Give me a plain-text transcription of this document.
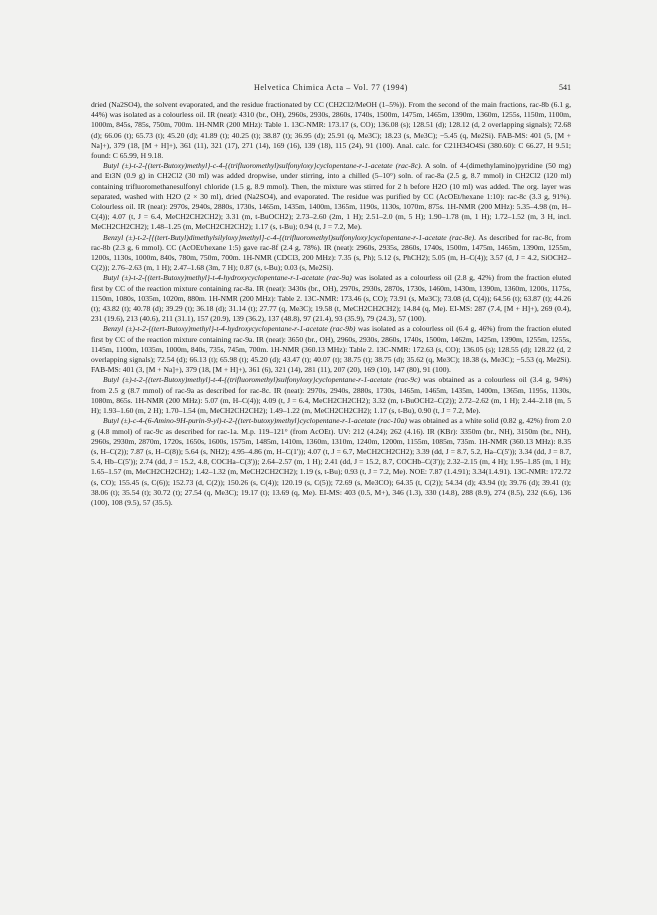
Helvetica Chimica Acta – Vol. 77 (1994)	541

dried (Na2SO4), the solvent evaporated, and the residue fractionated by CC (CH2Cl2/MeOH (1–5%)). From the second of the main fractions, rac-8b (6.1 g, 44%) was isolated as a colourless oil. IR (neat): 4310 (br., OH), 2960s, 2930s, 2860s, 1740s, 1500m, 1475m, 1465m, 1390m, 1360m, 1255s, 1150m, 1100m, 1000m, 845s, 785s, 750m, 700m. 1H-NMR (200 MHz): Table 1. 13C-NMR: 173.17 (s, CO); 136.08 (s); 128.51 (d); 128.12 (d, 2 overlapping signals); 72.68 (d); 66.06 (t); 65.73 (t); 45.20 (d); 41.89 (t); 40.25 (t); 38.87 (t); 36.95 (d); 25.91 (q, Me3C); 18.23 (s, Me3C); −5.45 (q, Me2Si). FAB-MS: 401 (5, [M + Na]+), 379 (18, [M + H]+), 361 (11), 321 (17), 271 (14), 169 (16), 139 (18), 115 (24), 91 (100). Anal. calc. for C21H34O4Si (380.60): C 66.27, H 9.51; found: C 65.99, H 9.18.

Butyl (±)-t-2-{(tert-Butoxy)methyl}-c-4-{(trifluoromethyl)sulfonyloxy}cyclopentane-r-1-acetate (rac-8c). A soln. of 4-(dimethylamino)pyridine (50 mg) and Et3N (0.9 g) in CH2Cl2 (30 ml) was added dropwise, under stirring, into a chilled (5–10°) soln. of rac-8a (2.5 g, 8.7 mmol) in CH2Cl2 (120 ml) containing trifluoromethanesulfonyl chloride (1.5 g, 8.9 mmol). Then, the mixture was stirred for 2 h before H2O (10 ml) was added. The org. layer was separated, washed with H2O (2 × 30 ml), dried (Na2SO4), and evaporated. The residue was purified by CC (AcOEt/hexane 1:10): rac-8c (3.3 g, 91%). Colourless oil. IR (neat): 2970s, 2940s, 2880s, 1730s, 1465m, 1435m, 1400m, 1365m, 1190s, 1130s, 1070m, 875s. 1H-NMR (200 MHz): 5.35–4.98 (m, H–C(4)); 4.07 (t, J = 6.4, MeCH2CH2CH2); 3.31 (m, t-BuOCH2); 2.73–2.60 (2m, 1 H); 2.51–2.0 (m, 5 H); 1.90–1.78 (m, 1 H); 1.72–1.52 (m, 3 H, incl. MeCH2CH2CH2); 1.48–1.25 (m, MeCH2CH2CH2); 1.17 (s, t-Bu); 0.94 (t, J = 7.2, Me).

Benzyl (±)-t-2-[{(tert-Butyl)dimethylsilyloxy}methyl]-c-4-{(trifluoromethyl)sulfonyloxy}cyclopentane-r-1-acetate (rac-8e). As described for rac-8c, from rac-8b (2.3 g, 6 mmol). CC (AcOEt/hexane 1:5) gave rac-8f (2.4 g, 78%). IR (neat): 2960s, 2935s, 2860s, 1740s, 1500m, 1475m, 1465m, 1390m, 1255m, 1200s, 1130s, 1000m, 840s, 780m, 750m, 700m. 1H-NMR (CDCl3, 200 MHz): 7.35 (s, Ph); 5.12 (s, PhCH2); 5.05 (m, H–C(4)); 3.57 (d, J = 4.2, SiOCH2–C(2)); 2.76–2.63 (m, 1 H); 2.47–1.68 (3m, 7 H); 0.87 (s, t-Bu); 0.03 (s, Me2Si).

Butyl (±)-t-2-{(tert-Butoxy)methyl}-t-4-hydroxycyclopentane-r-1-acetate (rac-9a) was isolated as a colourless oil (2.8 g, 42%) from the fraction eluted first by CC of the reaction mixture containing rac-8a. IR (neat): 3430s (br., OH), 2970s, 2930s, 2870s, 1730s, 1460m, 1430m, 1390m, 1360m, 1200s, 1175s, 1150m, 1080s, 1035m, 1020m, 880m. 1H-NMR (200 MHz): Table 2. 13C-NMR: 173.46 (s, CO); 73.91 (s, Me3C); 73.08 (d, C(4)); 64.56 (t); 63.87 (t); 44.26 (t); 43.82 (t); 40.78 (d); 39.29 (t); 36.18 (d); 31.14 (t); 27.77 (q, Me3C); 19.58 (t, MeCH2CH2CH2); 14.84 (q, Me). EI-MS: 287 (7.4, [M + H]+), 269 (0.4), 231 (19.6), 213 (40.6), 211 (31.1), 157 (20.9), 139 (36.2), 137 (48.8), 97 (21.4), 93 (35.9), 79 (24.3), 57 (100).

Benzyl (±)-t-2-{(tert-Butoxy)methyl}-t-4-hydroxycyclopentane-r-1-acetate (rac-9b) was isolated as a colourless oil (6.4 g, 46%) from the fraction eluted first by CC of the reaction mixture containing rac-9a. IR (neat): 3650 (br., OH), 2960s, 2930s, 2860s, 1740s, 1500m, 1462m, 1425m, 1390m, 1255m, 1255s, 1145m, 1100m, 1035m, 1000m, 840s, 735s, 745m, 700m. 1H-NMR (360.13 MHz): Table 2. 13C-NMR: 172.63 (s, CO); 136.05 (s); 128.55 (d); 128.22 (d, 2 overlapping signals); 72.54 (d); 66.13 (t); 65.98 (t); 45.20 (d); 43.47 (t); 40.07 (t); 38.75 (t); 38.75 (d); 35.62 (q, Me3C); 18.38 (s, Me3C); −5.53 (q, Me2Si). FAB-MS: 401 (3, [M + Na]+), 379 (18, [M + H]+), 361 (6), 321 (14), 281 (11), 207 (20), 169 (10), 147 (80), 91 (100).

Butyl (±)-t-2-{(tert-Butoxy)methyl}-t-4-{(trifluoromethyl)sulfonyloxy}cyclopentane-r-1-acetate (rac-9c) was obtained as a colourless oil (3.4 g, 94%) from 2.5 g (8.7 mmol) of rac-9a as described for rac-8c. IR (neat): 2970s, 2940s, 2880s, 1730s, 1465m, 1465m, 1435m, 1400m, 1365m, 1195s, 1130s, 1080m, 865s. 1H-NMR (200 MHz): 5.07 (m, H–C(4)); 4.09 (t, J = 6.4, MeCH2CH2CH2); 3.32 (m, t-BuOCH2–C(2)); 2.72–2.62 (m, 1 H); 2.44–2.18 (m, 5 H); 1.93–1.60 (m, 2 H); 1.70–1.54 (m, MeCH2CH2CH2); 1.49–1.22 (m, MeCH2CH2CH2); 1.17 (s, t-Bu), 0.90 (t, J = 7.2, Me).

Butyl (±)-c-4-(6-Amino-9H-purin-9-yl)-t-2-{(tert-butoxy)methyl}cyclopentane-r-1-acetate (rac-10a) was obtained as a white solid (0.82 g, 42%) from 2.0 g (4.8 mmol) of rac-9c as described for rac-1a. M.p. 119–121° (from AcOEt). UV: 212 (4.24); 262 (4.16). IR (KBr): 3350m (br., NH), 3150m (br., NH), 2960s, 2930m, 2870m, 1720s, 1650s, 1600s, 1575m, 1485m, 1410m, 1360m, 1310m, 1240m, 1200m, 1155m, 1085m, 735m. 1H-NMR (360.13 MHz): 8.35 (s, H–C(2)); 7.87 (s, H–C(8)); 5.64 (s, NH2); 4.95–4.86 (m, H–C(1')); 4.07 (t, J = 6.7, MeCH2CH2CH2); 3.39 (dd, J = 8.7, 5.2, Ha–C(5')); 3.34 (dd, J = 8.7, 5.4, Hb–C(5')); 2.74 (dd, J = 15.2, 4.8, COCHa–C(3')); 2.64–2.57 (m, 1 H); 2.41 (dd, J = 15.2, 8.7, COCHb–C(3')); 2.32–2.15 (m, 4 H); 1.95–1.85 (m, 1 H); 1.65–1.57 (m, MeCH2CH2CH2); 1.42–1.32 (m, MeCH2CH2CH2); 1.19 (s, t-Bu); 0.93 (t, J = 7.2, Me). NOE: 7.87 (1.4.91); 3.34(1.4.91). 13C-NMR: 172.72 (s, CO); 155.45 (s, C(6)); 152.73 (d, C(2)); 150.26 (s, C(4)); 120.19 (s, C(5)); 72.69 (s, Me3CO); 64.35 (t, C(2)); 54.34 (d); 43.94 (t); 39.76 (d); 39.41 (t); 38.06 (t); 35.54 (t); 30.72 (t); 27.54 (q, Me3C); 19.17 (t); 13.69 (q, Me). EI-MS: 403 (0.5, M+), 346 (1.3), 330 (14.8), 288 (8.9), 274 (8.5), 232 (6.6), 136 (100), 108 (9.5), 57 (35.5).
